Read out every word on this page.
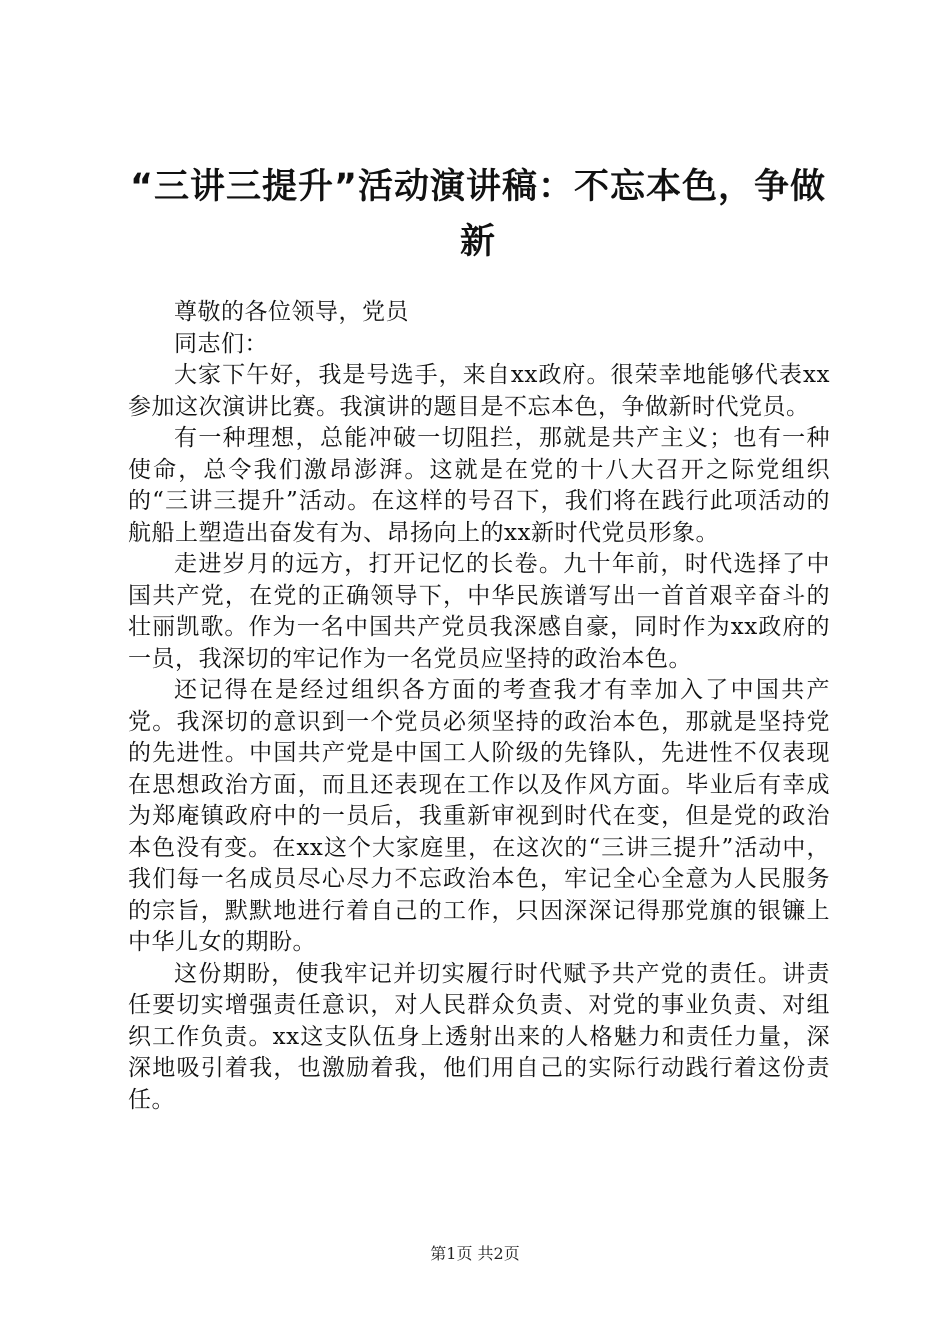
“三讲三提升”活动演讲稿：不忘本色，争做新

尊敬的各位领导，党员

同志们：

大家下午好，我是号选手，来自xx政府。很荣幸地能够代表xx参加这次演讲比赛。我演讲的题目是不忘本色，争做新时代党员。

有一种理想，总能冲破一切阻拦，那就是共产主义；也有一种使命，总令我们激昂澎湃。这就是在党的十八大召开之际党组织的“三讲三提升”活动。在这样的号召下，我们将在践行此项活动的航船上塑造出奋发有为、昂扬向上的xx新时代党员形象。

走进岁月的远方，打开记忆的长卷。九十年前，时代选择了中国共产党，在党的正确领导下，中华民族谱写出一首首艰辛奋斗的壮丽凯歌。作为一名中国共产党员我深感自豪，同时作为xx政府的一员，我深切的牢记作为一名党员应坚持的政治本色。

还记得在是经过组织各方面的考查我才有幸加入了中国共产党。我深切的意识到一个党员必须坚持的政治本色，那就是坚持党的先进性。中国共产党是中国工人阶级的先锋队，先进性不仅表现在思想政治方面，而且还表现在工作以及作风方面。毕业后有幸成为郑庵镇政府中的一员后，我重新审视到时代在变，但是党的政治本色没有变。在xx这个大家庭里，在这次的“三讲三提升”活动中，我们每一名成员尽心尽力不忘政治本色，牢记全心全意为人民服务的宗旨，默默地进行着自己的工作，只因深深记得那党旗的银镰上中华儿女的期盼。

这份期盼，使我牢记并切实履行时代赋予共产党的责任。讲责任要切实增强责任意识，对人民群众负责、对党的事业负责、对组织工作负责。xx这支队伍身上透射出来的人格魅力和责任力量，深深地吸引着我，也激励着我，他们用自己的实际行动践行着这份责任。

第1页 共2页
